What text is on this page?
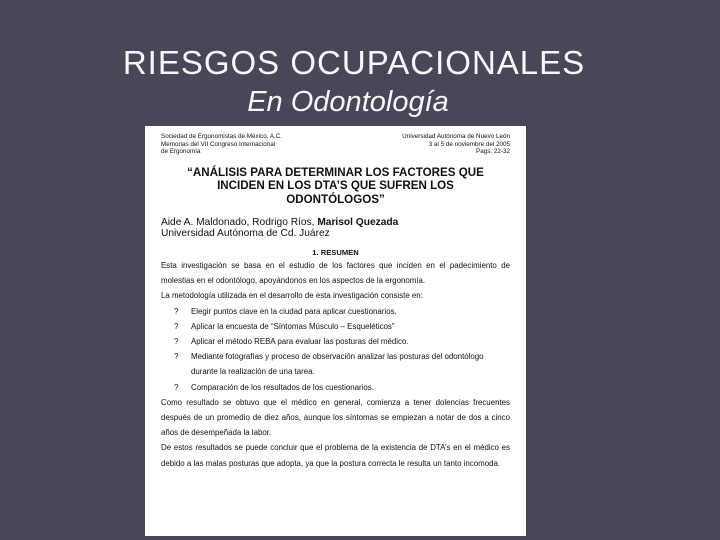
RIESGOS OCUPACIONALES
En Odontología
Sociedad de Ergonomistas de México, A.C.
Memorias del VII Congreso Internacional
de Ergonomía
Universidad Autónoma de Nuevo León
3 al 5 de noviembre del 2005
Pags. 22-32
“ANÁLISIS PARA DETERMINAR LOS FACTORES QUE
INCIDEN EN LOS DTA’S QUE SUFREN LOS
ODONTÓLOGOS”
Aide A. Maldonado, Rodrigo Ríos, Marisol Quezada
Universidad Autónoma de Cd. Juárez
1. RESUMEN
Esta investigación se basa en el estudio de los factores que inciden en el padecimiento de molestias en el odontólogo, apoyándonos en los aspectos de la ergonomía.
La metodología utilizada en el desarrollo de esta investigación consiste en:
? Elegir puntos clave en la ciudad para aplicar cuestionarios.
? Aplicar la encuesta de “Síntomas Músculo – Esqueléticos”
? Aplicar el método REBA para evaluar las posturas del médico.
? Mediante fotografías y proceso de observación analizar las posturas del odontólogo durante la realización de una tarea.
? Comparación de los resultados de los cuestionarios.
Como resultado se obtuvo que el médico en general, comienza a tener dolencias frecuentes después de un promedio de diez años, aunque los síntomas se empiezan a notar de dos a cinco años de desempeñada la labor.
De estos resultados se puede concluir que el problema de la existencia de DTA’s en el médico es debido a las malas posturas que adopta, ya que la postura correcta le resulta un tanto incomoda.
